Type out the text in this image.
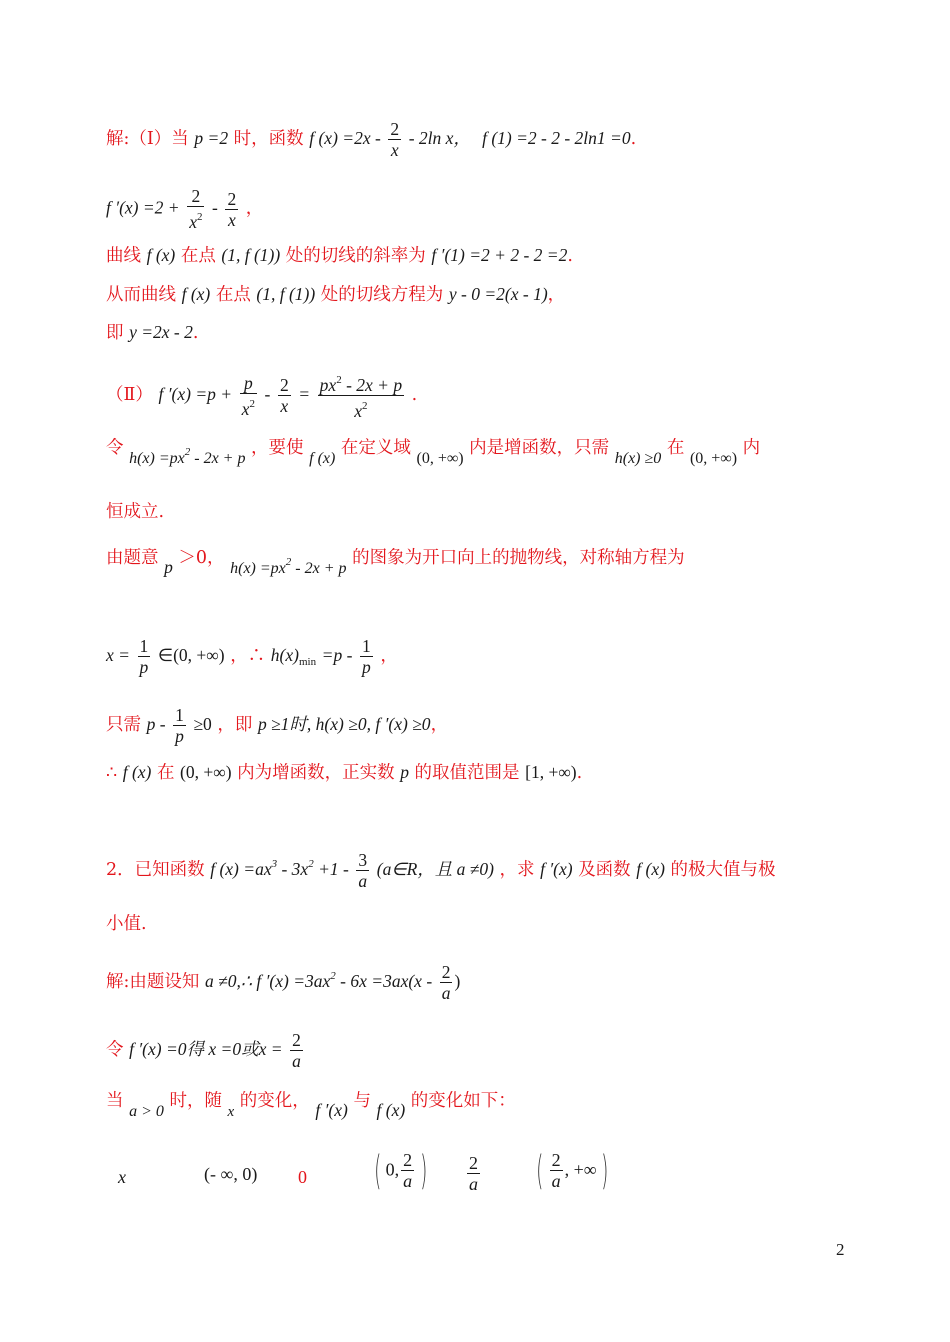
解:（Ⅰ）当 p =2 时，函数 f $(x) =2x - \frac{2}{x} - 2\ln$ x， f (1) =2 - 2 - 2ln1 =0.
f $'(x) =2 + \frac{2}{x^2} - \frac{2}{x}$ ，
曲线 f (x) 在点 (1, f (1)) 处的切线的斜率为 f ′(1) =2 + 2 - 2 =2.
从而曲线 f (x) 在点 (1, f (1)) 处的切线方程为 y - 0 =2(x - 1)，
即 y =2x - 2.
（Ⅱ） f $'(x) =p + \frac{p}{x^2} - \frac{2}{x} = \frac{px^2 - 2x + p}{x^2}$ .
令 $h(x) =px^2 - 2x + p$ ，要使 f (x) 在定义域 (0, +∞) 内是增函数，只需 h(x) ≥0 在 (0, +∞) 内
恒成立.
由题意 p ＞0， $h(x) =px^2 - 2x + p$ 的图象为开口向上的抛物线，对称轴方程为
$x = \frac{1}{p}$ ∈(0, +∞) ，∴ $h(x)_{min} =p - \frac{1}{p}$ ，
只需 $p - \frac{1}{p} \ge 0$ ，即 p ≥1时, h(x) ≥0, f ′(x) ≥0，
∴ f (x) 在 (0, +∞) 内为增函数，正实数 p 的取值范围是 [1, +∞).
2．已知函数 f $(x) =ax^3 - 3x^2 +1 - \frac{3}{a}$ (a∈R，且 a ≠0) ，求 f ′(x) 及函数 f (x) 的极大值与极
小值.
解:由题设知 a ≠0,∴ f $'(x) =3ax^2 - 6x =3ax(x - \frac{2}{a}$ )
令 f ′(x) =0得 x =0或$x = \frac{2}{a}$
当 a > 0 时，随 x 的变化， f ′(x) 与 f (x) 的变化如下：
x	(- ∞, 0) 0 ( 0, $\frac{2}{a}$ ) $\frac{2}{a}$ ( $\frac{2}{a}$ , +∞ )
2
